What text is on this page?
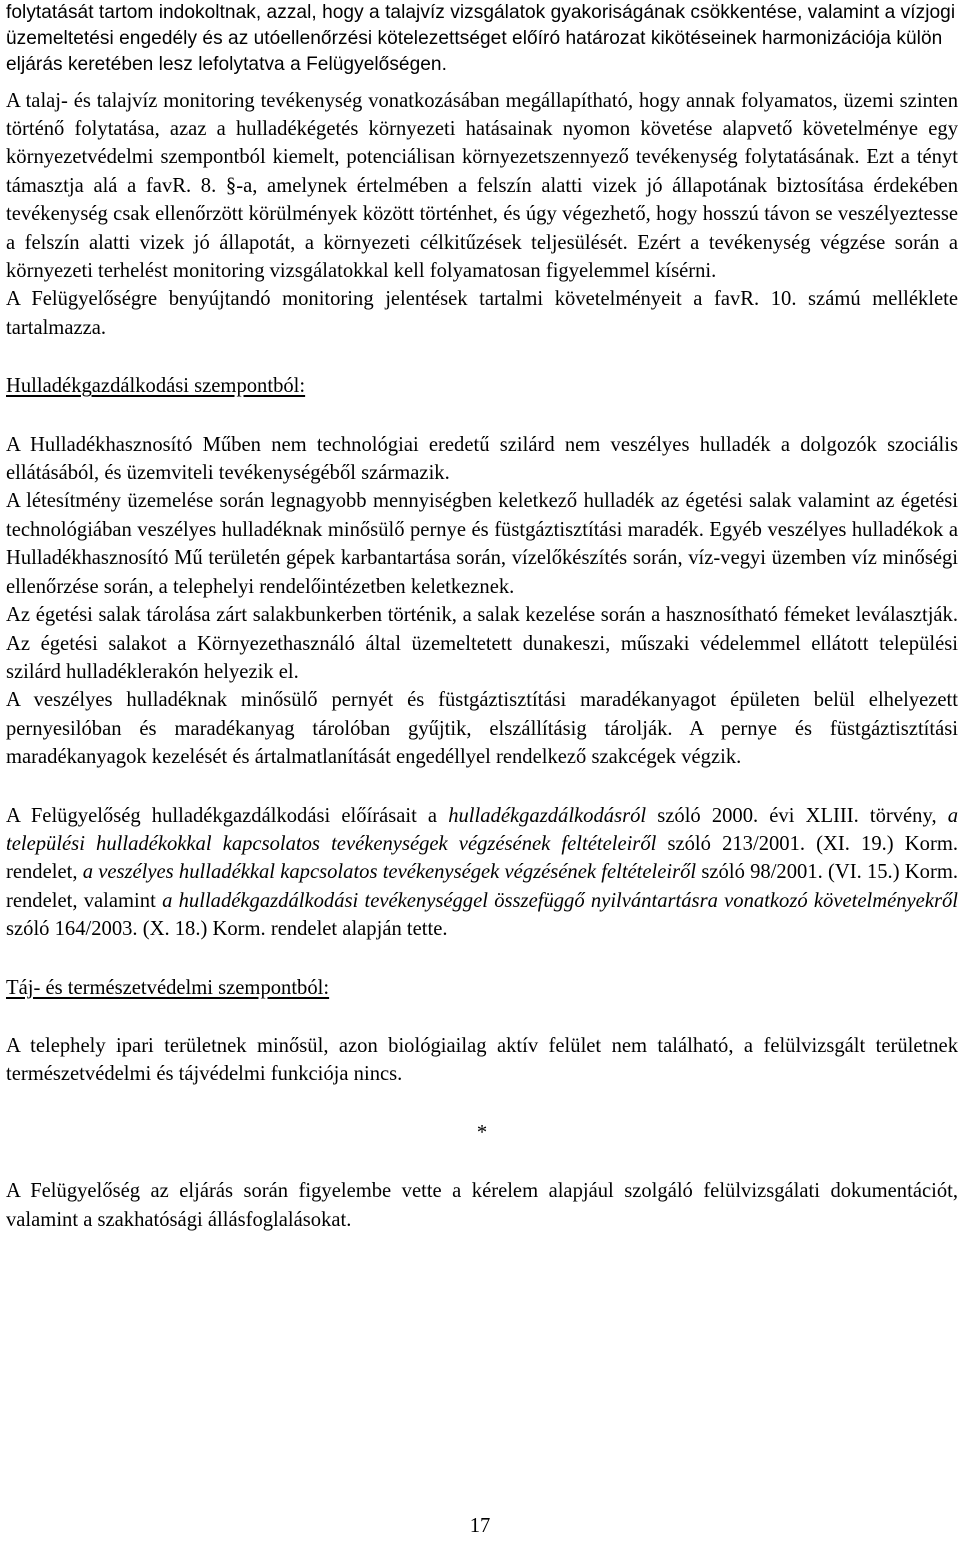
folytatását tartom indokoltnak, azzal, hogy a talajvíz vizsgálatok gyakoriságának csökkentése, valamint a vízjogi üzemeltetési engedély és az utóellenőrzési kötelezettséget előíró határozat kikötéseinek harmonizációja külön eljárás keretében lesz lefolytatva a Felügyelőségen.

A talaj- és talajvíz monitoring tevékenység vonatkozásában megállapítható, hogy annak folyamatos, üzemi szinten történő folytatása, azaz a hulladékégetés környezeti hatásainak nyomon követése alapvető követelménye egy környezetvédelmi szempontból kiemelt, potenciálisan környezetszennyező tevékenység folytatásának. Ezt a tényt támasztja alá a favR. 8. §-a, amelynek értelmében a felszín alatti vizek jó állapotának biztosítása érdekében tevékenység csak ellenőrzött körülmények között történhet, és úgy végezhető, hogy hosszú távon se veszélyeztesse a felszín alatti vizek jó állapotát, a környezeti célkitűzések teljesülését. Ezért a tevékenység végzése során a környezeti terhelést monitoring vizsgálatokkal kell folyamatosan figyelemmel kísérni.

A Felügyelőségre benyújtandó monitoring jelentések tartalmi követelményeit a favR. 10. számú melléklete tartalmazza.

Hulladékgazdálkodási szempontból:

A Hulladékhasznosító Műben nem technológiai eredetű szilárd nem veszélyes hulladék a dolgozók szociális ellátásából, és üzemviteli tevékenységéből származik.

A létesítmény üzemelése során legnagyobb mennyiségben keletkező hulladék az égetési salak valamint az égetési technológiában veszélyes hulladéknak minősülő pernye és füstgáztisztítási maradék. Egyéb veszélyes hulladékok a Hulladékhasznosító Mű területén gépek karbantartása során, vízelőkészítés során, víz-vegyi üzemben víz minőségi ellenőrzése során, a telephelyi rendelőintézetben keletkeznek.

Az égetési salak tárolása zárt salakbunkerben történik, a salak kezelése során a hasznosítható fémeket leválasztják. Az égetési salakot a Környezethasználó által üzemeltetett dunakeszi, műszaki védelemmel ellátott települési szilárd hulladéklerakón helyezik el.

A veszélyes hulladéknak minősülő pernyét és füstgáztisztítási maradékanyagot épületen belül elhelyezett pernyesilóban és maradékanyag tárolóban gyűjtik, elszállításig tárolják. A pernye és füstgáztisztítási maradékanyagok kezelését és ártalmatlanítását engedéllyel rendelkező szakcégek végzik.

A Felügyelőség hulladékgazdálkodási előírásait a hulladékgazdálkodásról szóló 2000. évi XLIII. törvény, a települési hulladékokkal kapcsolatos tevékenységek végzésének feltételeiről szóló 213/2001. (XI. 19.) Korm. rendelet, a veszélyes hulladékkal kapcsolatos tevékenységek végzésének feltételeiről szóló 98/2001. (VI. 15.) Korm. rendelet, valamint a hulladékgazdálkodási tevékenységgel összefüggő nyilvántartásra vonatkozó követelményekről szóló 164/2003. (X. 18.) Korm. rendelet alapján tette.

Táj- és természetvédelmi szempontból:

A telephely ipari területnek minősül, azon biológiailag aktív felület nem található, a felülvizsgált területnek természetvédelmi és tájvédelmi funkciója nincs.

*

A Felügyelőség az eljárás során figyelembe vette a kérelem alapjául szolgáló felülvizsgálati dokumentációt, valamint a szakhatósági állásfoglalásokat.

17
